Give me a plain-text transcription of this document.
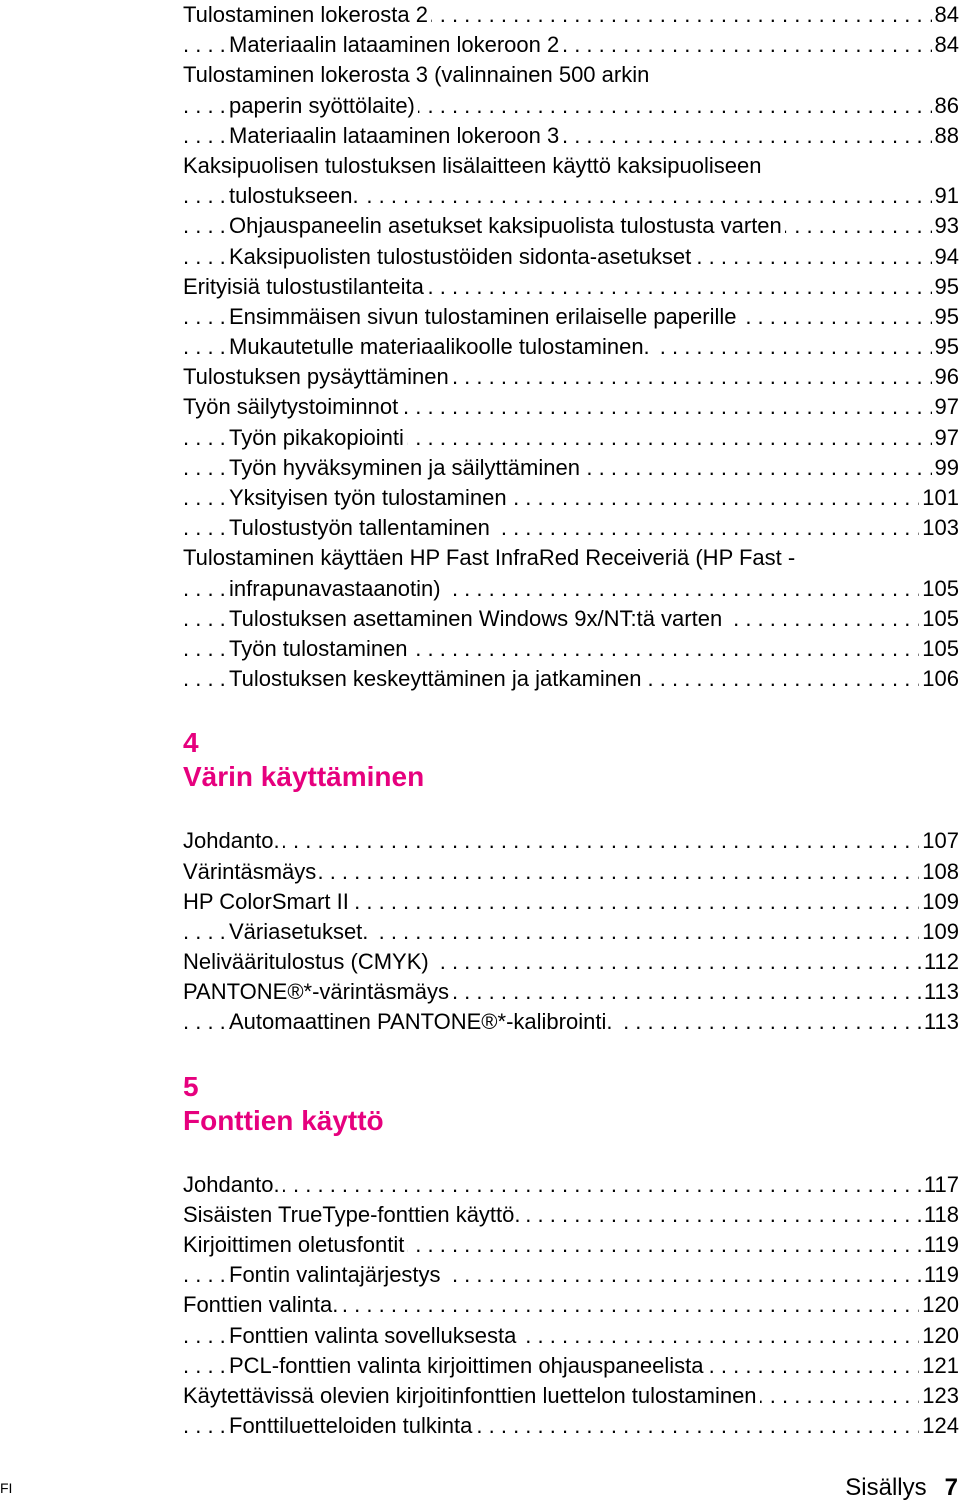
. . . Tulostaminen lokerosta 2	84
. . . Materiaalin lataaminen lokeroon 2	84
Tulostaminen lokerosta 3 (valinnainen 500 arkin
. . . paperin syöttölaite)	86
. . . Materiaalin lataaminen lokeroon 3	88
Kaksipuolisen tulostuksen lisälaitteen käyttö kaksipuoliseen
. . . tulostukseen.	91
. . . Ohjauspaneelin asetukset kaksipuolista tulostusta varten	93
. . . Kaksipuolisten tulostustöiden sidonta-asetukset	94
. . . Erityisiä tulostustilanteita	95
. . . Ensimmäisen sivun tulostaminen erilaiselle paperille	95
. . . Mukautetulle materiaalikoolle tulostaminen.	95
. . . Tulostuksen pysäyttäminen	96
. . . Työn säilytystoiminnot	97
. . . Työn pikakopiointi	97
. . . Työn hyväksyminen ja säilyttäminen	99
. . . Yksityisen työn tulostaminen	101
. . . Tulostustyön tallentaminen	103
Tulostaminen käyttäen HP Fast InfraRed Receiveriä (HP Fast -
. . . infrapunavastaanotin)	105
. . . Tulostuksen asettaminen Windows 9x/NT:tä varten	105
. . . Työn tulostaminen	105
. . . Tulostuksen keskeyttäminen ja jatkaminen	106
4
Värin käyttäminen
. . . Johdanto.	107
. . . Värintäsmäys	108
. . . HP ColorSmart II	109
. . . Väriasetukset.	109
. . . Nelivääritulostus (CMYK)	112
. . . PANTONE®*-värintäsmäys	113
. . . Automaattinen PANTONE®*-kalibrointi.	113
5
Fonttien käyttö
. . . Johdanto.	117
. . . Sisäisten TrueType-fonttien käyttö.	118
. . . Kirjoittimen oletusfontit	119
. . . Fontin valintajärjestys	119
. . . Fonttien valinta.	120
. . . Fonttien valinta sovelluksesta	120
. . . PCL-fonttien valinta kirjoittimen ohjauspaneelista	121
. . . Käytettävissä olevien kirjoitinfonttien luettelon tulostaminen	123
. . . Fonttiluetteloiden tulkinta	124
FI	Sisällys 7
